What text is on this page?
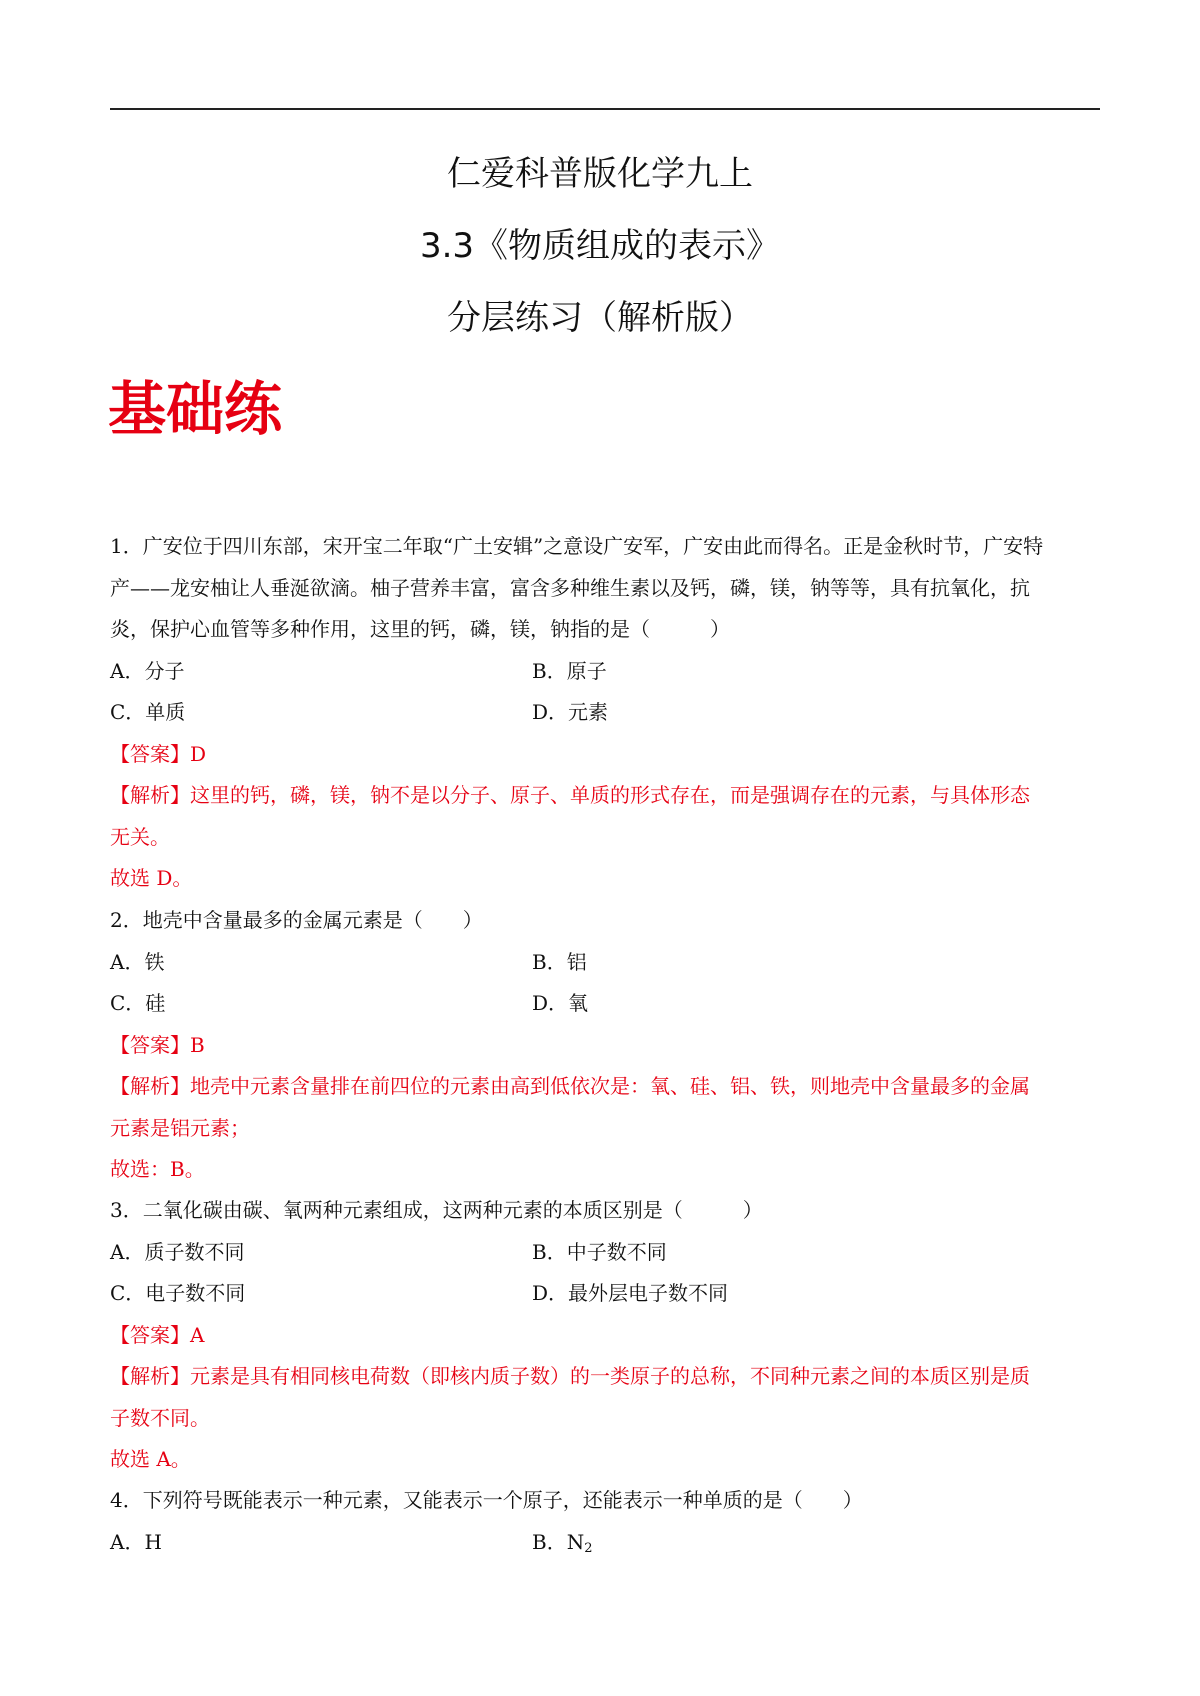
仁爱科普版化学九上
3.3《物质组成的表示》
分层练习（解析版）
基础练
1．广安位于四川东部，宋开宝二年取“广土安辑”之意设广安军，广安由此而得名。正是金秋时节，广安特
产——龙安柚让人垂涎欲滴。柚子营养丰富，富含多种维生素以及钙，磷，镁，钠等等，具有抗氧化，抗
炎，保护心血管等多种作用，这里的钙，磷，镁，钠指的是（　　　）
A．分子	B．原子
C．单质	D．元素
【答案】D
【解析】这里的钙，磷，镁，钠不是以分子、原子、单质的形式存在，而是强调存在的元素，与具体形态
无关。
故选 D。
2．地壳中含量最多的金属元素是（　　）
A．铁	B．铝
C．硅	D．氧
【答案】B
【解析】地壳中元素含量排在前四位的元素由高到低依次是：氧、硅、铝、铁，则地壳中含量最多的金属
元素是铝元素；
故选：B。
3．二氧化碳由碳、氧两种元素组成，这两种元素的本质区别是（　　　）
A．质子数不同	B．中子数不同
C．电子数不同	D．最外层电子数不同
【答案】A
【解析】元素是具有相同核电荷数（即核内质子数）的一类原子的总称，不同种元素之间的本质区别是质
子数不同。
故选 A。
4．下列符号既能表示一种元素，又能表示一个原子，还能表示一种单质的是（　　）
A．H	B．$N_2$
